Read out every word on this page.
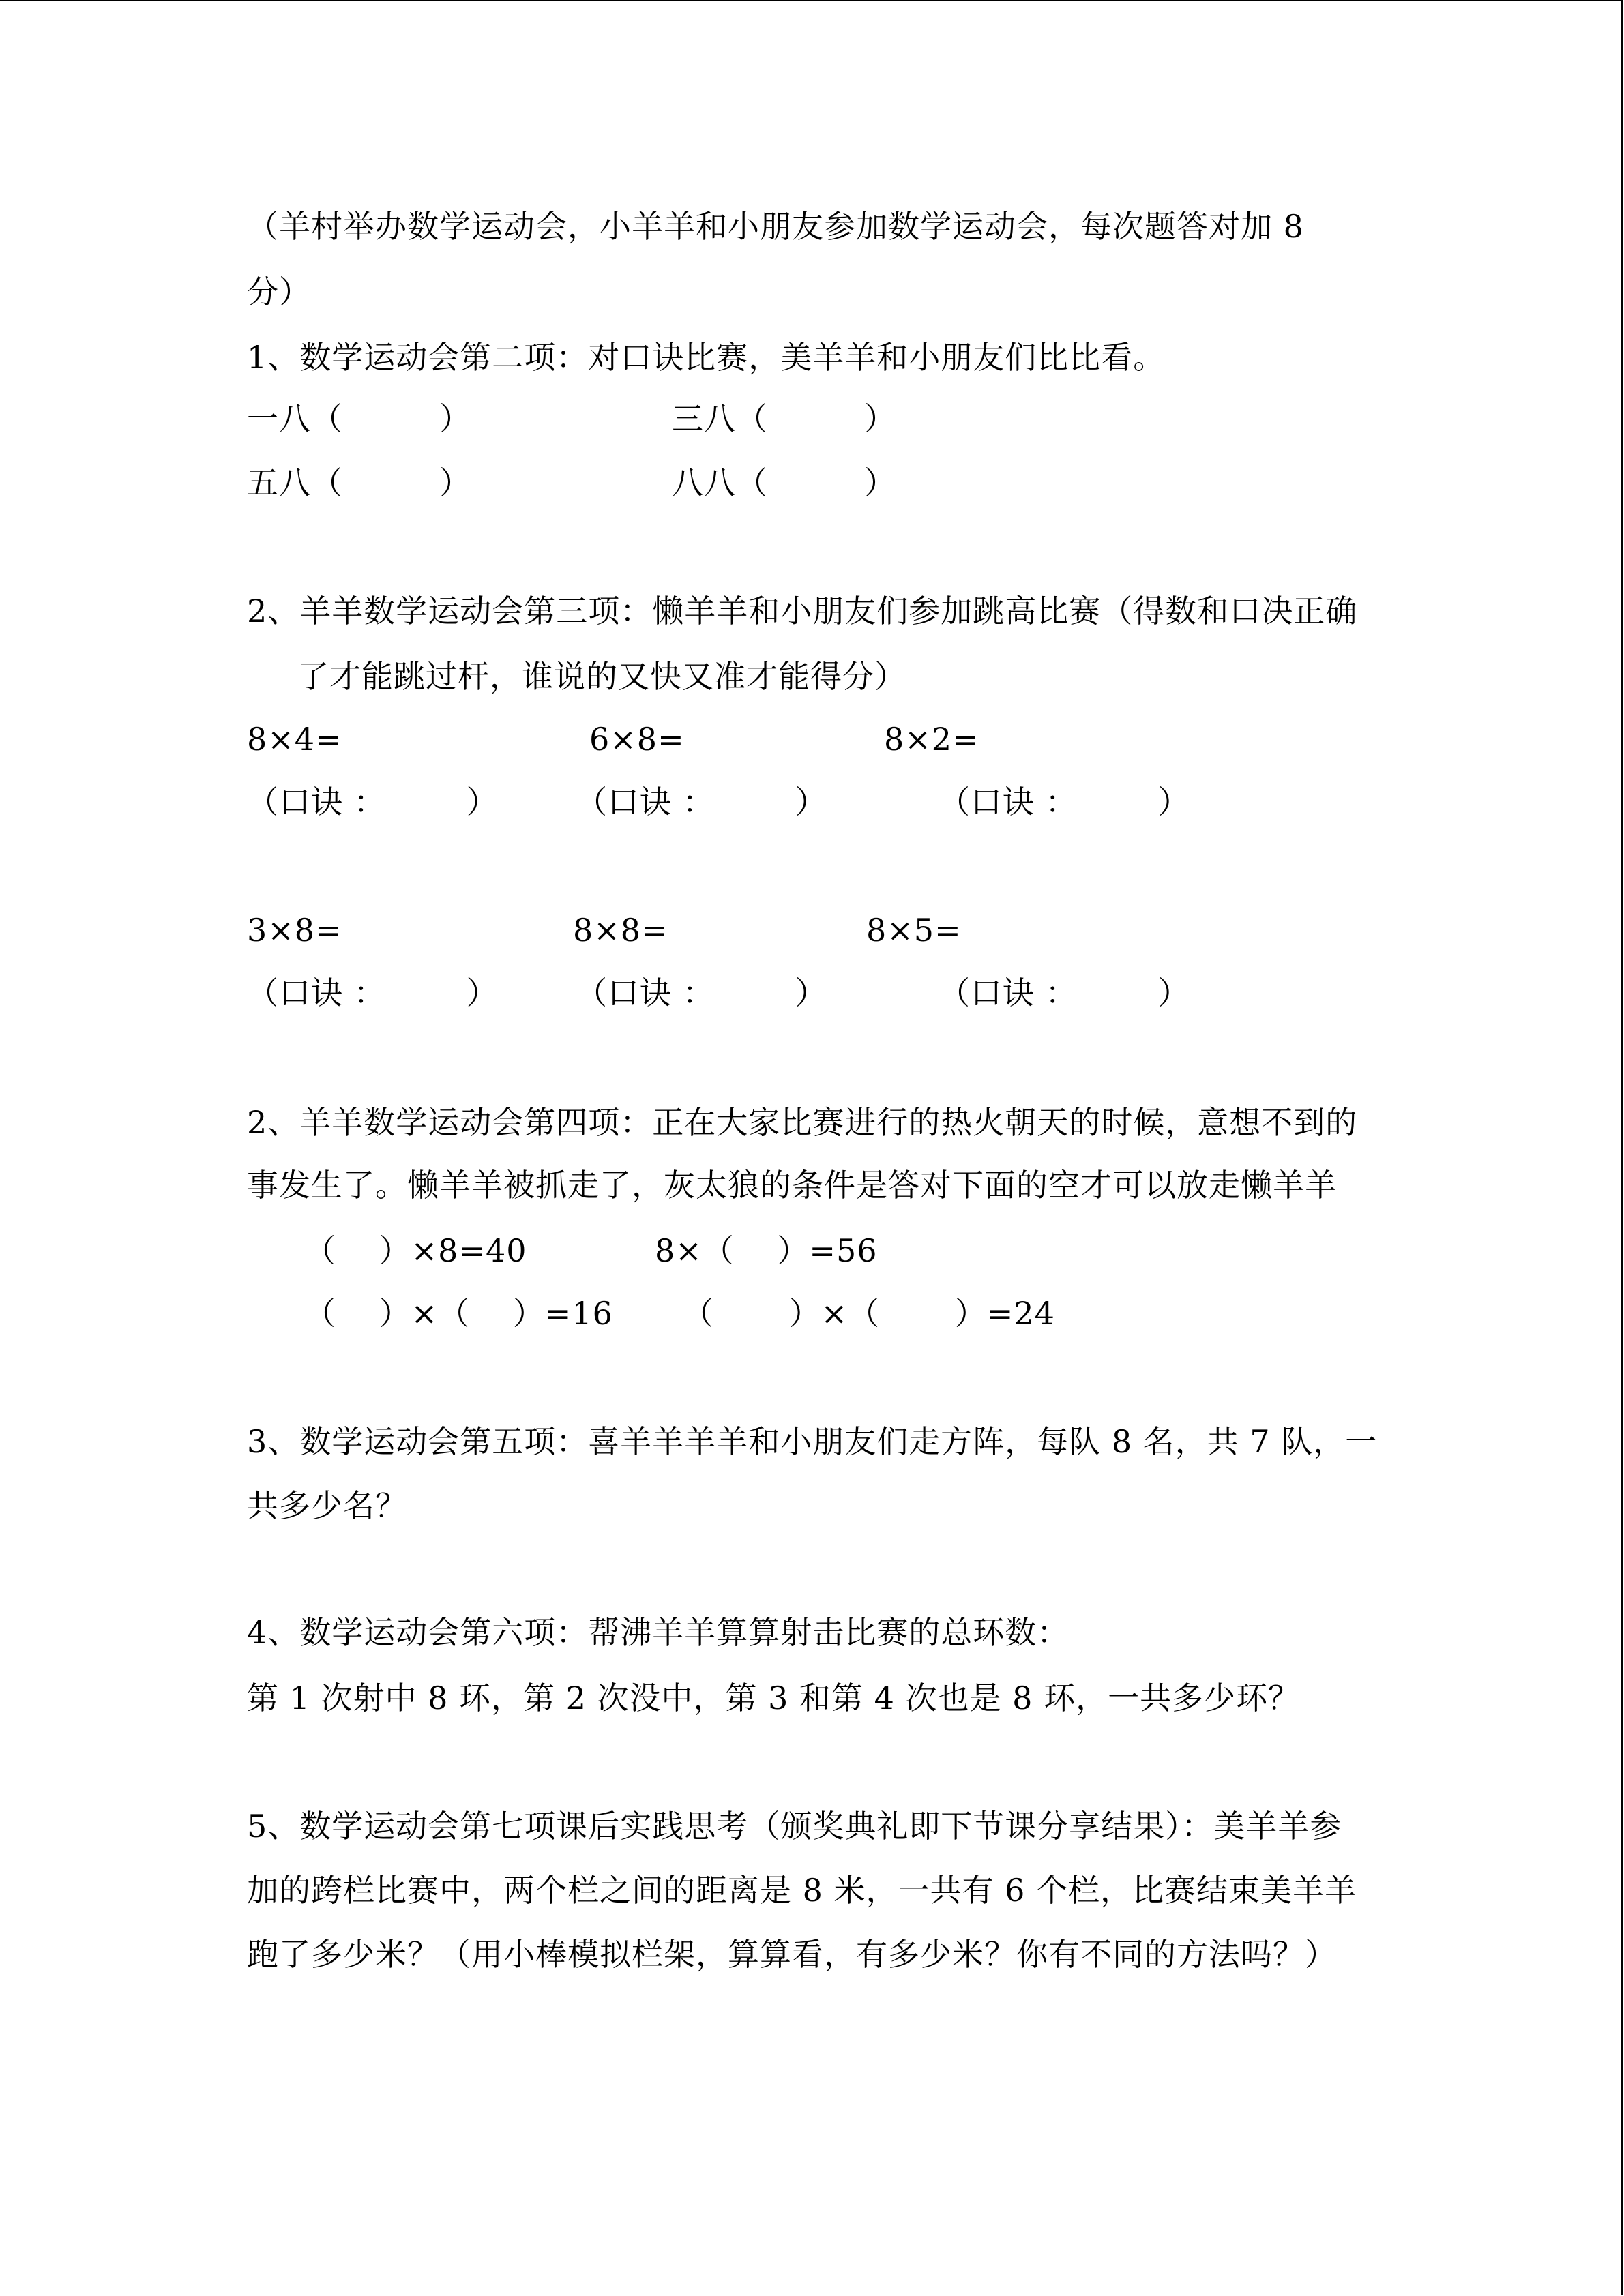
（羊村举办数学运动会，小羊羊和小朋友参加数学运动会，每次题答对加 8
分）
1、数学运动会第二项：对口诀比赛，美羊羊和小朋友们比比看。
一八（　　　）	三八（　　　）
五八（　　　）	八八（　　　）
2、羊羊数学运动会第三项：懒羊羊和小朋友们参加跳高比赛（得数和口决正确
了才能跳过杆，谁说的又快又准才能得分）
8×4=	6×8=	8×2=
（口诀 ：　　　） （口诀 ：　　　）	（口诀 ：　　　）
3×8=	8×8=	8×5=
（口诀 ：　　　） （口诀 ：　　　）	（口诀 ：　　　）
2、羊羊数学运动会第四项：正在大家比赛进行的热火朝天的时候，意想不到的
事发生了。懒羊羊被抓走了，灰太狼的条件是答对下面的空才可以放走懒羊羊
（　 ）×8=40	8×（　 ）=56
（　 ）×（　 ）=16 （　　 ）×（　　 ）=24
3、数学运动会第五项：喜羊羊羊羊和小朋友们走方阵，每队 8 名，共 7 队，一
共多少名？
4、数学运动会第六项：帮沸羊羊算算射击比赛的总环数：
第 1 次射中 8 环，第 2 次没中，第 3 和第 4 次也是 8 环，一共多少环？
5、数学运动会第七项课后实践思考（颁奖典礼即下节课分享结果）：美羊羊参
加的跨栏比赛中，两个栏之间的距离是 8 米，一共有 6 个栏，比赛结束美羊羊
跑了多少米？（用小棒模拟栏架，算算看，有多少米？你有不同的方法吗？）
